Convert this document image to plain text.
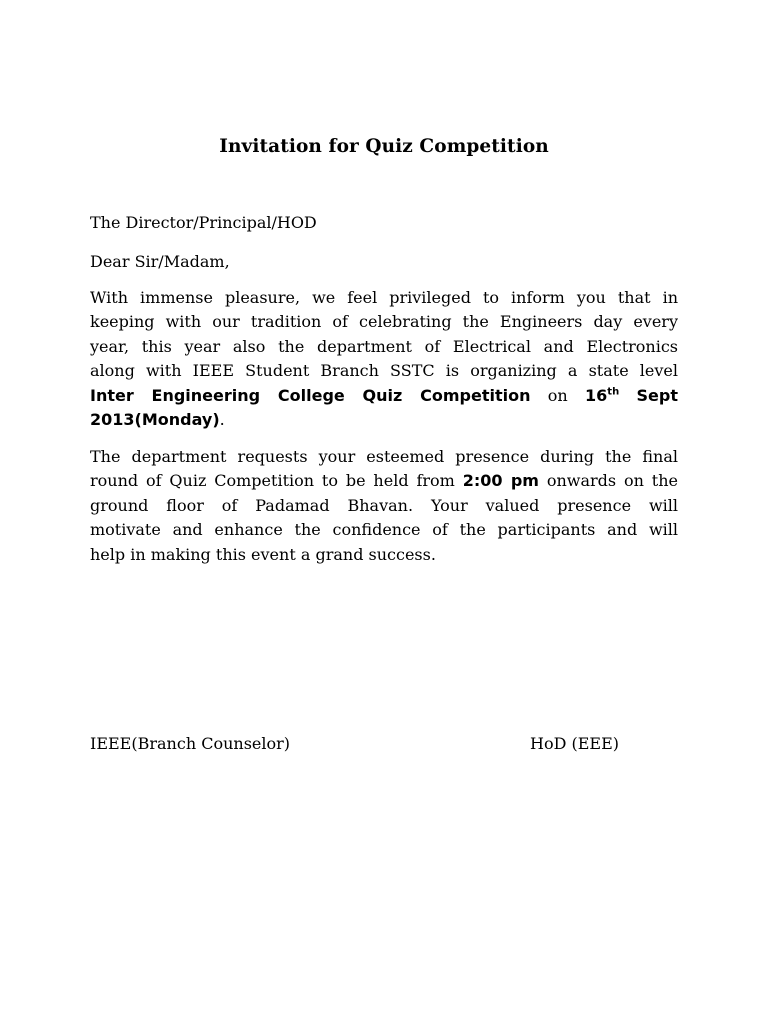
Invitation for Quiz Competition
The Director/Principal/HOD
Dear Sir/Madam,
With immense pleasure, we feel privileged to inform you that in
keeping with our tradition of celebrating the Engineers day every
year, this year also the department of Electrical and Electronics
along with IEEE Student Branch SSTC is organizing a state level
Inter Engineering College Quiz Competition on 16th Sept
2013(Monday).
The department requests your esteemed presence during the final
round of Quiz Competition to be held from 2:00 pm onwards on the
ground floor of Padamad Bhavan. Your valued presence will
motivate and enhance the confidence of the participants and will
help in making this event a grand success.
IEEE(Branch Counselor)	HoD (EEE)
